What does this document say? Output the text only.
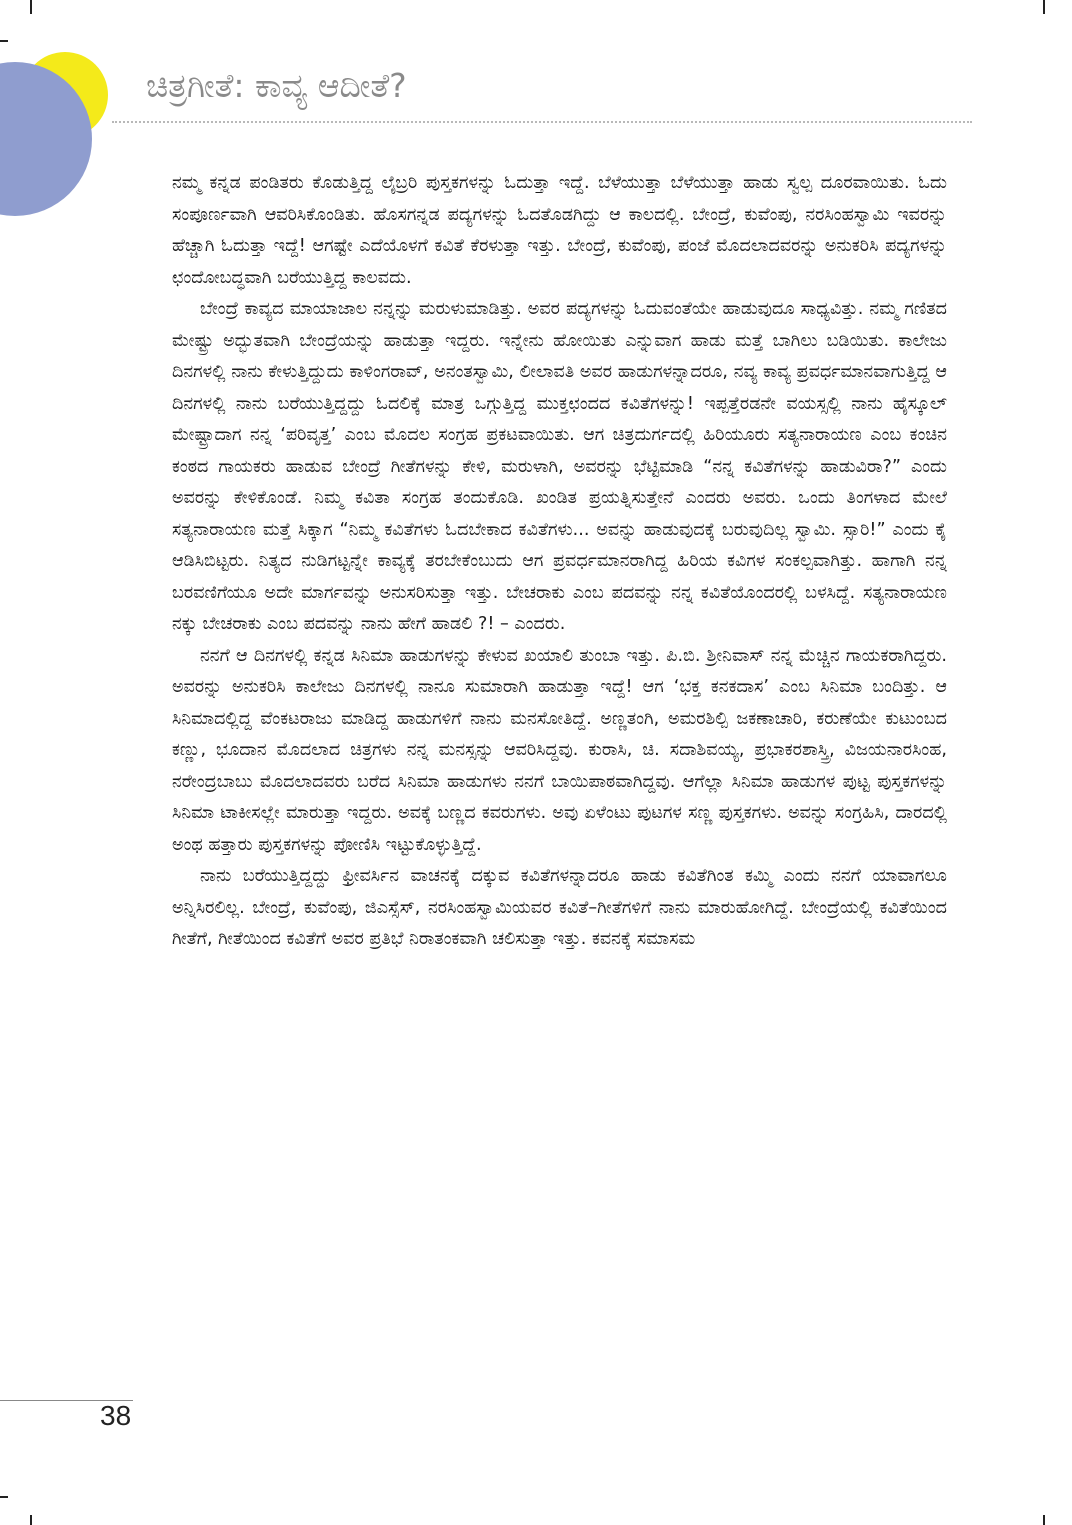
ಚಿತ್ರಗೀತೆ: ಕಾವ್ಯ ಆದೀತೆ?

ನಮ್ಮ ಕನ್ನಡ ಪಂಡಿತರು ಕೊಡುತ್ತಿದ್ದ ಲೈಬ್ರರಿ ಪುಸ್ತಕಗಳನ್ನು ಓದುತ್ತಾ ಇದ್ದೆ. ಬೆಳೆಯುತ್ತಾ ಬೆಳೆಯುತ್ತಾ ಹಾಡು ಸ್ವಲ್ಪ ದೂರವಾಯಿತು. ಓದು ಸಂಪೂರ್ಣವಾಗಿ ಆವರಿಸಿಕೊಂಡಿತು. ಹೊಸಗನ್ನಡ ಪದ್ಯಗಳನ್ನು ಓದತೊಡಗಿದ್ದು ಆ ಕಾಲದಲ್ಲಿ. ಬೇಂದ್ರೆ, ಕುವೆಂಪು, ನರಸಿಂಹಸ್ವಾಮಿ ಇವರನ್ನು ಹೆಚ್ಚಾಗಿ ಓದುತ್ತಾ ಇದ್ದೆ! ಆಗಷ್ಟೇ ಎದೆಯೊಳಗೆ ಕವಿತೆ ಕೆರಳುತ್ತಾ ಇತ್ತು. ಬೇಂದ್ರೆ, ಕುವೆಂಪು, ಪಂಜೆ ಮೊದಲಾದವರನ್ನು ಅನುಕರಿಸಿ ಪದ್ಯಗಳನ್ನು ಛಂದೋಬದ್ಧವಾಗಿ ಬರೆಯುತ್ತಿದ್ದ ಕಾಲವದು.

ಬೇಂದ್ರೆ ಕಾವ್ಯದ ಮಾಯಾಜಾಲ ನನ್ನನ್ನು ಮರುಳುಮಾಡಿತ್ತು. ಅವರ ಪದ್ಯಗಳನ್ನು ಓದುವಂತೆಯೇ ಹಾಡುವುದೂ ಸಾಧ್ಯವಿತ್ತು. ನಮ್ಮ ಗಣಿತದ ಮೇಷ್ಟ್ರು ಅದ್ಭುತವಾಗಿ ಬೇಂದ್ರೆಯನ್ನು ಹಾಡುತ್ತಾ ಇದ್ದರು. ಇನ್ನೇನು ಹೋಯಿತು ಎನ್ನುವಾಗ ಹಾಡು ಮತ್ತೆ ಬಾಗಿಲು ಬಡಿಯಿತು. ಕಾಲೇಜು ದಿನಗಳಲ್ಲಿ ನಾನು ಕೇಳುತ್ತಿದ್ದುದು ಕಾಳಿಂಗರಾವ್, ಅನಂತಸ್ವಾಮಿ, ಲೀಲಾವತಿ ಅವರ ಹಾಡುಗಳನ್ನಾದರೂ, ನವ್ಯ ಕಾವ್ಯ ಪ್ರವರ್ಧಮಾನವಾಗುತ್ತಿದ್ದ ಆ ದಿನಗಳಲ್ಲಿ ನಾನು ಬರೆಯುತ್ತಿದ್ದದ್ದು ಓದಲಿಕ್ಕೆ ಮಾತ್ರ ಒಗ್ಗುತ್ತಿದ್ದ ಮುಕ್ತಛಂದದ ಕವಿತೆಗಳನ್ನು! ಇಪ್ಪತ್ತೆರಡನೇ ವಯಸ್ಸಲ್ಲಿ ನಾನು ಹೈಸ್ಕೂಲ್ ಮೇಷ್ಟ್ರಾದಾಗ ನನ್ನ ‘ಪರಿವೃತ್ತ’ ಎಂಬ ಮೊದಲ ಸಂಗ್ರಹ ಪ್ರಕಟವಾಯಿತು. ಆಗ ಚಿತ್ರದುರ್ಗದಲ್ಲಿ ಹಿರಿಯೂರು ಸತ್ಯನಾರಾಯಣ ಎಂಬ ಕಂಚಿನ ಕಂಠದ ಗಾಯಕರು ಹಾಡುವ ಬೇಂದ್ರೆ ಗೀತೆಗಳನ್ನು ಕೇಳಿ, ಮರುಳಾಗಿ, ಅವರನ್ನು ಭೆಟ್ಟಿಮಾಡಿ “ನನ್ನ ಕವಿತೆಗಳನ್ನು ಹಾಡುವಿರಾ?” ಎಂದು ಅವರನ್ನು ಕೇಳಿಕೊಂಡೆ. ನಿಮ್ಮ ಕವಿತಾ ಸಂಗ್ರಹ ತಂದುಕೊಡಿ. ಖಂಡಿತ ಪ್ರಯತ್ನಿಸುತ್ತೇನೆ ಎಂದರು ಅವರು. ಒಂದು ತಿಂಗಳಾದ ಮೇಲೆ ಸತ್ಯನಾರಾಯಣ ಮತ್ತೆ ಸಿಕ್ಕಾಗ “ನಿಮ್ಮ ಕವಿತೆಗಳು ಓದಬೇಕಾದ ಕವಿತೆಗಳು... ಅವನ್ನು ಹಾಡುವುದಕ್ಕೆ ಬರುವುದಿಲ್ಲ ಸ್ವಾಮಿ. ಸ್ಸಾರಿ!” ಎಂದು ಕೈ ಆಡಿಸಿಬಿಟ್ಟರು. ನಿತ್ಯದ ನುಡಿಗಟ್ಟನ್ನೇ ಕಾವ್ಯಕ್ಕೆ ತರಬೇಕೆಂಬುದು ಆಗ ಪ್ರವರ್ಧಮಾನರಾಗಿದ್ದ ಹಿರಿಯ ಕವಿಗಳ ಸಂಕಲ್ಪವಾಗಿತ್ತು. ಹಾಗಾಗಿ ನನ್ನ ಬರವಣಿಗೆಯೂ ಅದೇ ಮಾರ್ಗವನ್ನು ಅನುಸರಿಸುತ್ತಾ ಇತ್ತು. ಬೇಚರಾಕು ಎಂಬ ಪದವನ್ನು ನನ್ನ ಕವಿತೆಯೊಂದರಲ್ಲಿ ಬಳಸಿದ್ದೆ. ಸತ್ಯನಾರಾಯಣ ನಕ್ಕು ಬೇಚರಾಕು ಎಂಬ ಪದವನ್ನು ನಾನು ಹೇಗೆ ಹಾಡಲಿ ?! – ಎಂದರು.

ನನಗೆ ಆ ದಿನಗಳಲ್ಲಿ ಕನ್ನಡ ಸಿನಿಮಾ ಹಾಡುಗಳನ್ನು ಕೇಳುವ ಖಯಾಲಿ ತುಂಬಾ ಇತ್ತು. ಪಿ.ಬಿ. ಶ್ರೀನಿವಾಸ್ ನನ್ನ ಮೆಚ್ಚಿನ ಗಾಯಕರಾಗಿದ್ದರು. ಅವರನ್ನು ಅನುಕರಿಸಿ ಕಾಲೇಜು ದಿನಗಳಲ್ಲಿ ನಾನೂ ಸುಮಾರಾಗಿ ಹಾಡುತ್ತಾ ಇದ್ದೆ! ಆಗ ‘ಭಕ್ತ ಕನಕದಾಸ’ ಎಂಬ ಸಿನಿಮಾ ಬಂದಿತ್ತು. ಆ ಸಿನಿಮಾದಲ್ಲಿದ್ದ ವೆಂಕಟರಾಜು ಮಾಡಿದ್ದ ಹಾಡುಗಳಿಗೆ ನಾನು ಮನಸೋತಿದ್ದೆ. ಅಣ್ಣತಂಗಿ, ಅಮರಶಿಲ್ಪಿ ಜಕಣಾಚಾರಿ, ಕರುಣೆಯೇ ಕುಟುಂಬದ ಕಣ್ಣು, ಭೂದಾನ ಮೊದಲಾದ ಚಿತ್ರಗಳು ನನ್ನ ಮನಸ್ಸನ್ನು ಆವರಿಸಿದ್ದವು. ಕುರಾಸಿ, ಚಿ. ಸದಾಶಿವಯ್ಯ, ಪ್ರಭಾಕರಶಾಸ್ತ್ರಿ, ವಿಜಯನಾರಸಿಂಹ, ನರೇಂದ್ರಬಾಬು ಮೊದಲಾದವರು ಬರೆದ ಸಿನಿಮಾ ಹಾಡುಗಳು ನನಗೆ ಬಾಯಿಪಾಠವಾಗಿದ್ದವು. ಆಗೆಲ್ಲಾ ಸಿನಿಮಾ ಹಾಡುಗಳ ಪುಟ್ಟ ಪುಸ್ತಕಗಳನ್ನು ಸಿನಿಮಾ ಟಾಕೀಸಲ್ಲೇ ಮಾರುತ್ತಾ ಇದ್ದರು. ಅವಕ್ಕೆ ಬಣ್ಣದ ಕವರುಗಳು. ಅವು ಏಳೆಂಟು ಪುಟಗಳ ಸಣ್ಣ ಪುಸ್ತಕಗಳು. ಅವನ್ನು ಸಂಗ್ರಹಿಸಿ, ದಾರದಲ್ಲಿ ಅಂಥ ಹತ್ತಾರು ಪುಸ್ತಕಗಳನ್ನು ಪೋಣಿಸಿ ಇಟ್ಟುಕೊಳ್ಳುತ್ತಿದ್ದೆ.

ನಾನು ಬರೆಯುತ್ತಿದ್ದದ್ದು ಫ್ರೀವರ್ಸಿನ ವಾಚನಕ್ಕೆ ದಕ್ಕುವ ಕವಿತೆಗಳನ್ನಾದರೂ ಹಾಡು ಕವಿತೆಗಿಂತ ಕಮ್ಮಿ ಎಂದು ನನಗೆ ಯಾವಾಗಲೂ ಅನ್ನಿಸಿರಲಿಲ್ಲ. ಬೇಂದ್ರೆ, ಕುವೆಂಪು, ಜಿಎಸ್ಸೆಸ್, ನರಸಿಂಹಸ್ವಾಮಿಯವರ ಕವಿತೆ–ಗೀತೆಗಳಿಗೆ ನಾನು ಮಾರುಹೋಗಿದ್ದೆ. ಬೇಂದ್ರೆಯಲ್ಲಿ ಕವಿತೆಯಿಂದ ಗೀತೆಗೆ, ಗೀತೆಯಿಂದ ಕವಿತೆಗೆ ಅವರ ಪ್ರತಿಭೆ ನಿರಾತಂಕವಾಗಿ ಚಲಿಸುತ್ತಾ ಇತ್ತು. ಕವನಕ್ಕೆ ಸಮಾಸಮ

38
